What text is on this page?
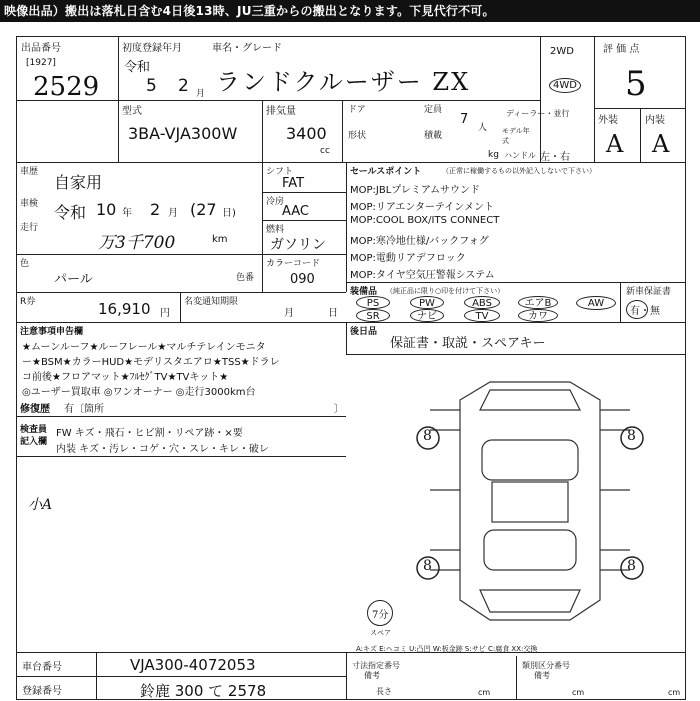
映像出品）搬出は落札日含む4日後13時、JU三重からの搬出となります。下見代行不可。
出品番号
[1927]
2529
初度登録年月
令和
5 2 月
車名・グレード
ランドクルーザー ZX
2WD
4WD
評 価 点
5
外装	内装
A A
型式
3BA-VJA300W
排気量
3400
cc
ドア
形状
定員
7
人
積載
kg
ディーラー・並行
モデル年式
ハンドル 左・右
車歴
自家用
車検 令和 10 年 2 月 (27 日)
走行
万3千700	km
シフト
FAT
冷房
AAC
燃料
ガソリン
色
パール	色番
カラーコード
090
セールスポイント	（正常に稼働するもの以外記入しないで下さい）
MOP:JBLプレミアムサウンド
MOP:リアエンターテインメント
MOP:COOL BOX/ITS CONNECT
MOP:寒冷地仕様/バックフォグ
MOP:電動リアデフロック
MOP:タイヤ空気圧警報システム
装備品 （純正品に限り○印を付けて下さい）
PS	PW	ABS	エアB	AW
SR	ナビ	TV	カワ
新車保証書
有・無
R券	16,910 円
名変通知期限
月	日
注意事項申告欄
★ムーンルーフ★ルーフレール★マルチテレインモニタ
ー★BSM★カラーHUD★モデリスタエアロ★TSS★ドラレ
コ前後★フロアマット★ﾌﾙｾｸﾞTV★TVキット★
◎ユーザー買取車 ◎ワンオーナー ◎走行3000km台
修復歴 有〔箇所	〕
後日品
保証書・取説・スペアキー
検査員
記入欄
FW キズ・飛石・ヒビ割・リペア跡・×要
内装 キズ・汚レ・コゲ・穴・スレ・キレ・破レ
小A
8	8
8	8
7分
スペア
A:キズ E:ヘコミ U:凸凹 W:板金跡 S:サビ C:腐食 XX:交換
車台番号	VJA300-4072053
登録番号	鈴鹿 300 て 2578
寸法指定番号
備考
長さ	cm
類別区分番号
備考
cm	cm
